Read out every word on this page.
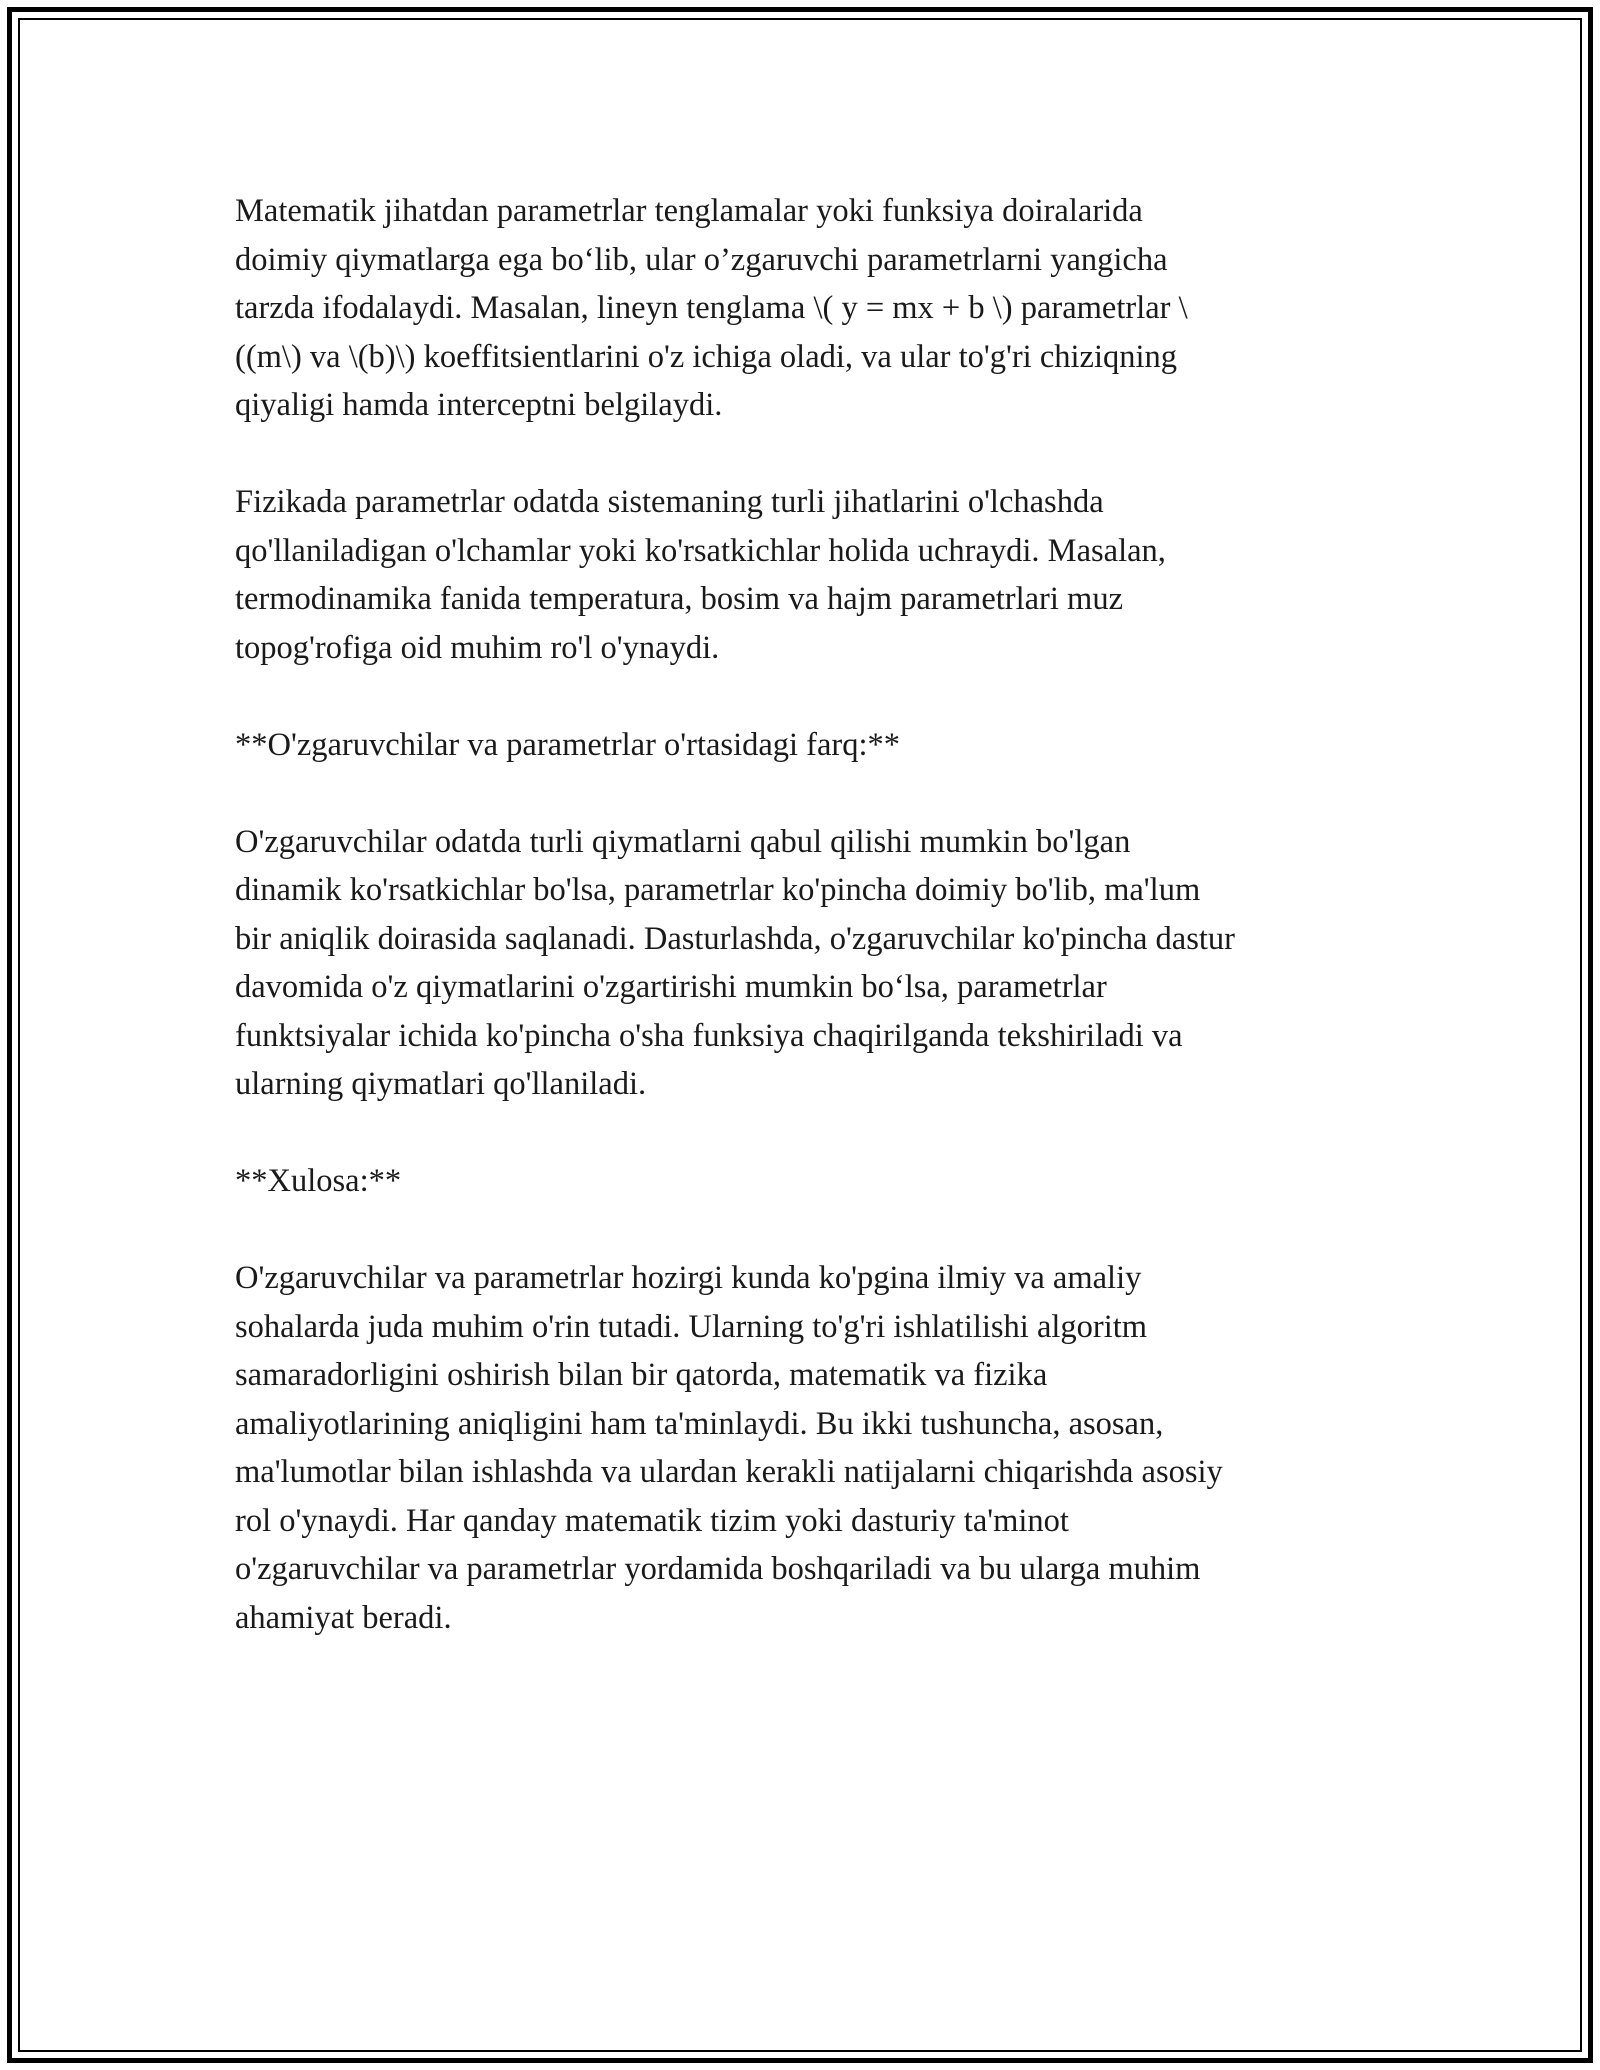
Matematik jihatdan parametrlar tenglamalar yoki funksiya doiralarida
doimiy qiymatlarga ega bo‘lib, ular o’zgaruvchi parametrlarni yangicha
tarzda ifodalaydi. Masalan, lineyn tenglama \( y = mx + b \) parametrlar \
((m\) va \(b)\) koeffitsientlarini o'z ichiga oladi, va ular to'g'ri chiziqning
qiyaligi hamda interceptni belgilaydi.

Fizikada parametrlar odatda sistemaning turli jihatlarini o'lchashda
qo'llaniladigan o'lchamlar yoki ko'rsatkichlar holida uchraydi. Masalan,
termodinamika fanida temperatura, bosim va hajm parametrlari muz
topog'rofiga oid muhim ro'l o'ynaydi.

**O'zgaruvchilar va parametrlar o'rtasidagi farq:**

O'zgaruvchilar odatda turli qiymatlarni qabul qilishi mumkin bo'lgan
dinamik ko'rsatkichlar bo'lsa, parametrlar ko'pincha doimiy bo'lib, ma'lum
bir aniqlik doirasida saqlanadi. Dasturlashda, o'zgaruvchilar ko'pincha dastur
davomida o'z qiymatlarini o'zgartirishi mumkin bo‘lsa, parametrlar
funktsiyalar ichida ko'pincha o'sha funksiya chaqirilganda tekshiriladi va
ularning qiymatlari qo'llaniladi.

**Xulosa:**

O'zgaruvchilar va parametrlar hozirgi kunda ko'pgina ilmiy va amaliy
sohalarda juda muhim o'rin tutadi. Ularning to'g'ri ishlatilishi algoritm
samaradorligini oshirish bilan bir qatorda, matematik va fizika
amaliyotlarining aniqligini ham ta'minlaydi. Bu ikki tushuncha, asosan,
ma'lumotlar bilan ishlashda va ulardan kerakli natijalarni chiqarishda asosiy
rol o'ynaydi. Har qanday matematik tizim yoki dasturiy ta'minot
o'zgaruvchilar va parametrlar yordamida boshqariladi va bu ularga muhim
ahamiyat beradi.
